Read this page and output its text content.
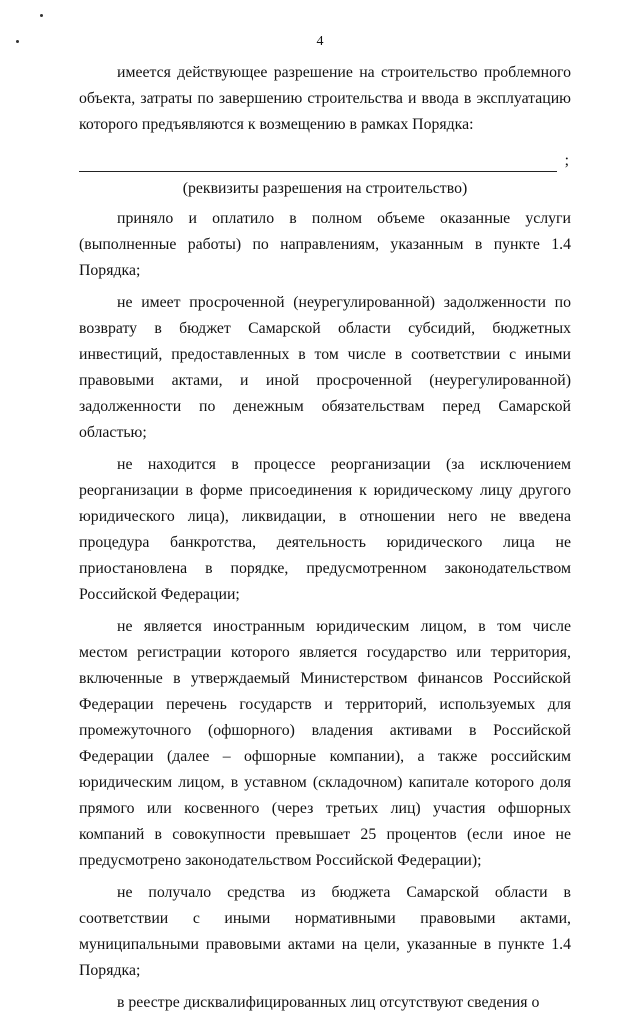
4

имеется действующее разрешение на строительство проблемного объекта, затраты по завершению строительства и ввода в эксплуатацию которого предъявляются к возмещению в рамках Порядка:

;

(реквизиты разрешения на строительство)

приняло и оплатило в полном объеме оказанные услуги (выполненные работы) по направлениям, указанным в пункте 1.4 Порядка;

не имеет просроченной (неурегулированной) задолженности по возврату в бюджет Самарской области субсидий, бюджетных инвестиций, предоставленных в том числе в соответствии с иными правовыми актами, и иной просроченной (неурегулированной) задолженности по денежным обязательствам перед Самарской областью;

не находится в процессе реорганизации (за исключением реорганизации в форме присоединения к юридическому лицу другого юридического лица), ликвидации, в отношении него не введена процедура банкротства, деятельность юридического лица не приостановлена в порядке, предусмотренном законодательством Российской Федерации;

не является иностранным юридическим лицом, в том числе местом регистрации которого является государство или территория, включенные в утверждаемый Министерством финансов Российской Федерации перечень государств и территорий, используемых для промежуточного (офшорного) владения активами в Российской Федерации (далее – офшорные компании), а также российским юридическим лицом, в уставном (складочном) капитале которого доля прямого или косвенного (через третьих лиц) участия офшорных компаний в совокупности превышает 25 процентов (если иное не предусмотрено законодательством Российской Федерации);

не получало средства из бюджета Самарской области в соответствии с иными нормативными правовыми актами, муниципальными правовыми актами на цели, указанные в пункте 1.4 Порядка;

в реестре дисквалифицированных лиц отсутствуют сведения о
